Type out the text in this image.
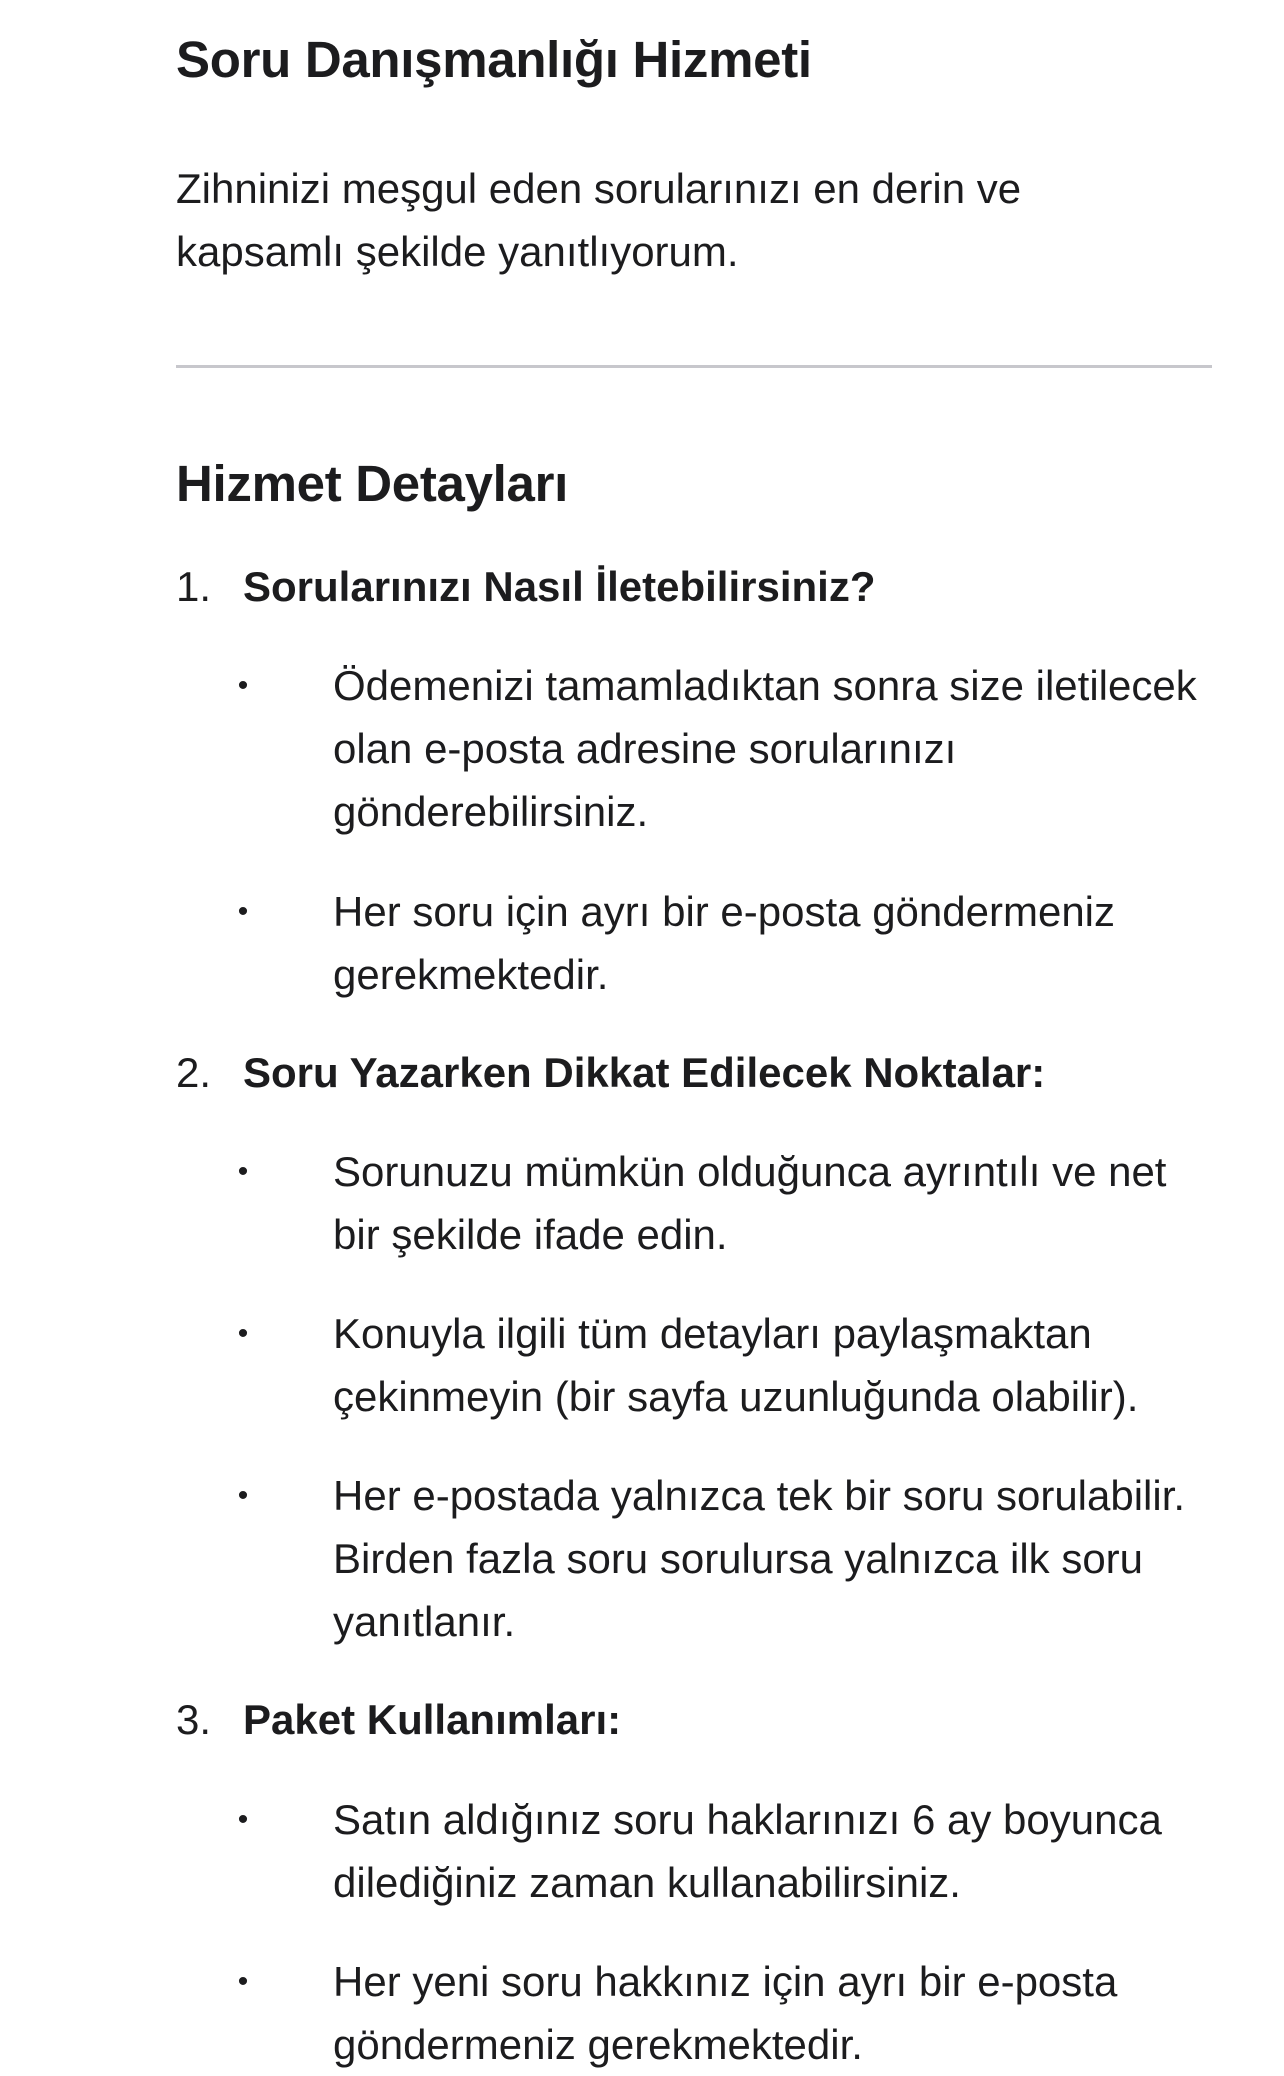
Soru Danışmanlığı Hizmeti

Zihninizi meşgul eden sorularınızı en derin ve kapsamlı şekilde yanıtlıyorum.

Hizmet Detayları
1. Sorularınızı Nasıl İletebilirsiniz?
• Ödemenizi tamamladıktan sonra size iletilecek olan e-posta adresine sorularınızı gönderebilirsiniz.

• Her soru için ayrı bir e-posta göndermeniz gerekmektedir.

2. Soru Yazarken Dikkat Edilecek Noktalar:
• Sorunuzu mümkün olduğunca ayrıntılı ve net bir şekilde ifade edin.

• Konuyla ilgili tüm detayları paylaşmaktan çekinmeyin (bir sayfa uzunluğunda olabilir).

• Her e-postada yalnızca tek bir soru sorulabilir. Birden fazla soru sorulursa yalnızca ilk soru yanıtlanır.

3. Paket Kullanımları:
• Satın aldığınız soru haklarınızı 6 ay boyunca dilediğiniz zaman kullanabilirsiniz.

• Her yeni soru hakkınız için ayrı bir e-posta göndermeniz gerekmektedir.
